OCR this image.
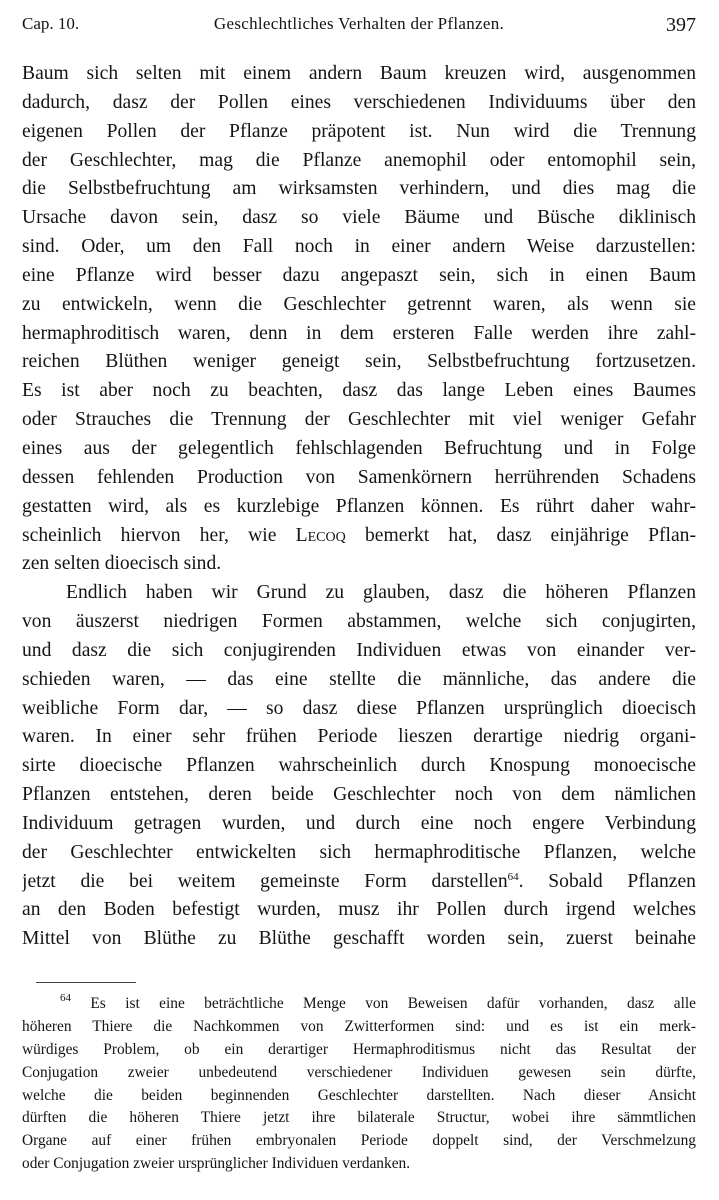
Cap. 10.	Geschlechtliches Verhalten der Pflanzen.	397
Baum sich selten mit einem andern Baum kreuzen wird, ausgenommen
dadurch, dasz der Pollen eines verschiedenen Individuums über den
eigenen Pollen der Pflanze präpotent ist. Nun wird die Trennung
der Geschlechter, mag die Pflanze anemophil oder entomophil sein,
die Selbstbefruchtung am wirksamsten verhindern, und dies mag die
Ursache davon sein, dasz so viele Bäume und Büsche diklinisch
sind. Oder, um den Fall noch in einer andern Weise darzustellen:
eine Pflanze wird besser dazu angepaszt sein, sich in einen Baum
zu entwickeln, wenn die Geschlechter getrennt waren, als wenn sie
hermaphroditisch waren, denn in dem ersteren Falle werden ihre zahl-
reichen Blüthen weniger geneigt sein, Selbstbefruchtung fortzusetzen.
Es ist aber noch zu beachten, dasz das lange Leben eines Baumes
oder Strauches die Trennung der Geschlechter mit viel weniger Gefahr
eines aus der gelegentlich fehlschlagenden Befruchtung und in Folge
dessen fehlenden Production von Samenkörnern herrührenden Schadens
gestatten wird, als es kurzlebige Pflanzen können. Es rührt daher wahr-
scheinlich hiervon her, wie Lecoq bemerkt hat, dasz einjährige Pflan-
zen selten dioecisch sind.
Endlich haben wir Grund zu glauben, dasz die höheren Pflanzen
von äuszerst niedrigen Formen abstammen, welche sich conjugirten,
und dasz die sich conjugirenden Individuen etwas von einander ver-
schieden waren, — das eine stellte die männliche, das andere die
weibliche Form dar, — so dasz diese Pflanzen ursprünglich dioecisch
waren. In einer sehr frühen Periode lieszen derartige niedrig organi-
sirte dioecische Pflanzen wahrscheinlich durch Knospung monoecische
Pflanzen entstehen, deren beide Geschlechter noch von dem nämlichen
Individuum getragen wurden, und durch eine noch engere Verbindung
der Geschlechter entwickelten sich hermaphroditische Pflanzen, welche
jetzt die bei weitem gemeinste Form darstellen$^{64}$. Sobald Pflanzen
an den Boden befestigt wurden, musz ihr Pollen durch irgend welches
Mittel von Blüthe zu Blüthe geschafft worden sein, zuerst beinahe
$^{64}$ Es ist eine beträchtliche Menge von Beweisen dafür vorhanden, dasz alle
höheren Thiere die Nachkommen von Zwitterformen sind: und es ist ein merk-
würdiges Problem, ob ein derartiger Hermaphroditismus nicht das Resultat der
Conjugation zweier unbedeutend verschiedener Individuen gewesen sein dürfte,
welche die beiden beginnenden Geschlechter darstellten. Nach dieser Ansicht
dürften die höheren Thiere jetzt ihre bilaterale Structur, wobei ihre sämmtlichen
Organe auf einer frühen embryonalen Periode doppelt sind, der Verschmelzung
oder Conjugation zweier ursprünglicher Individuen verdanken.
